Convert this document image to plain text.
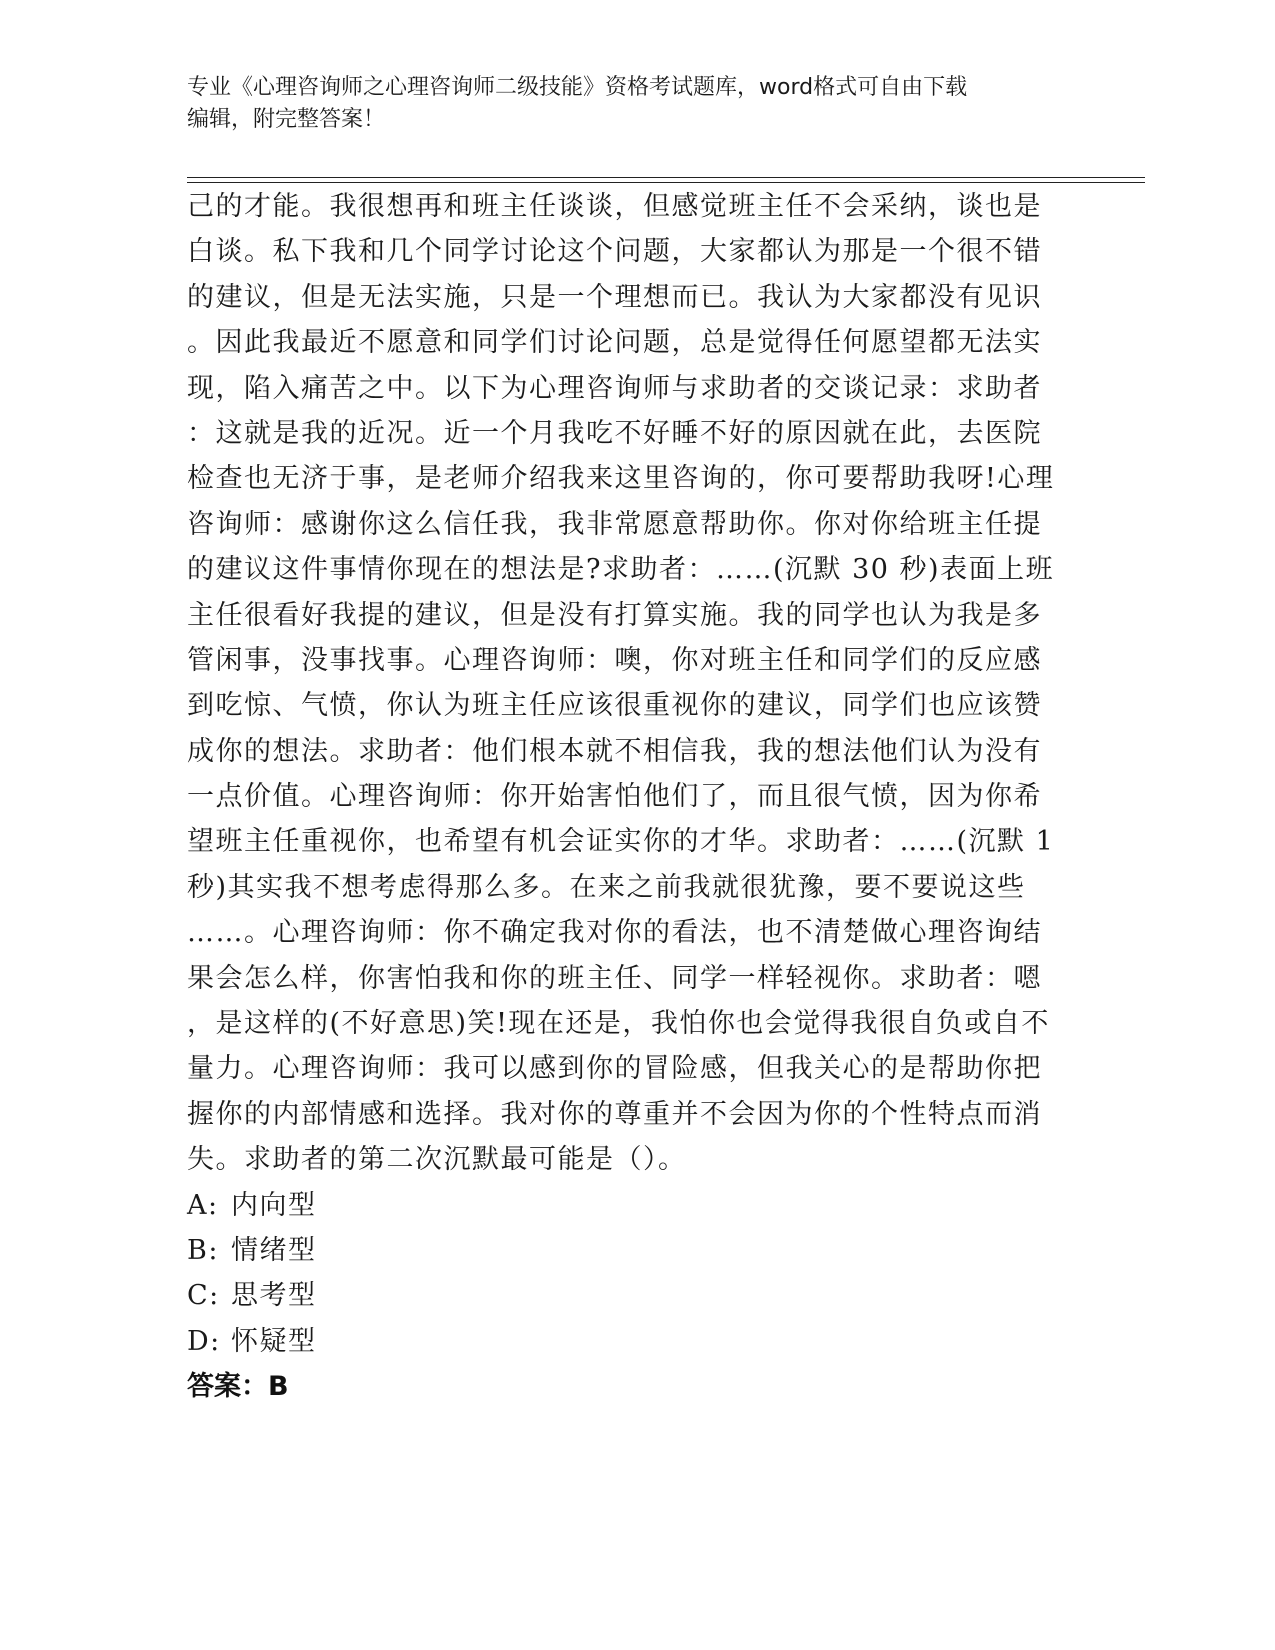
专业《心理咨询师之心理咨询师二级技能》资格考试题库，word格式可自由下载
编辑，附完整答案！
己的才能。我很想再和班主任谈谈，但感觉班主任不会采纳，谈也是
白谈。私下我和几个同学讨论这个问题，大家都认为那是一个很不错
的建议，但是无法实施，只是一个理想而已。我认为大家都没有见识
。因此我最近不愿意和同学们讨论问题，总是觉得任何愿望都无法实
现，陷入痛苦之中。以下为心理咨询师与求助者的交谈记录：求助者
：这就是我的近况。近一个月我吃不好睡不好的原因就在此，去医院
检查也无济于事，是老师介绍我来这里咨询的，你可要帮助我呀!心理
咨询师：感谢你这么信任我，我非常愿意帮助你。你对你给班主任提
的建议这件事情你现在的想法是?求助者：……(沉默 30 秒)表面上班
主任很看好我提的建议，但是没有打算实施。我的同学也认为我是多
管闲事，没事找事。心理咨询师：噢，你对班主任和同学们的反应感
到吃惊、气愤，你认为班主任应该很重视你的建议，同学们也应该赞
成你的想法。求助者：他们根本就不相信我，我的想法他们认为没有
一点价值。心理咨询师：你开始害怕他们了，而且很气愤，因为你希
望班主任重视你，也希望有机会证实你的才华。求助者：……(沉默 1
秒)其实我不想考虑得那么多。在来之前我就很犹豫，要不要说这些
……。心理咨询师：你不确定我对你的看法，也不清楚做心理咨询结
果会怎么样，你害怕我和你的班主任、同学一样轻视你。求助者：嗯
，是这样的(不好意思)笑!现在还是，我怕你也会觉得我很自负或自不
量力。心理咨询师：我可以感到你的冒险感，但我关心的是帮助你把
握你的内部情感和选择。我对你的尊重并不会因为你的个性特点而消
失。求助者的第二次沉默最可能是（）。
A: 内向型
B: 情绪型
C: 思考型
D: 怀疑型
答案：B
